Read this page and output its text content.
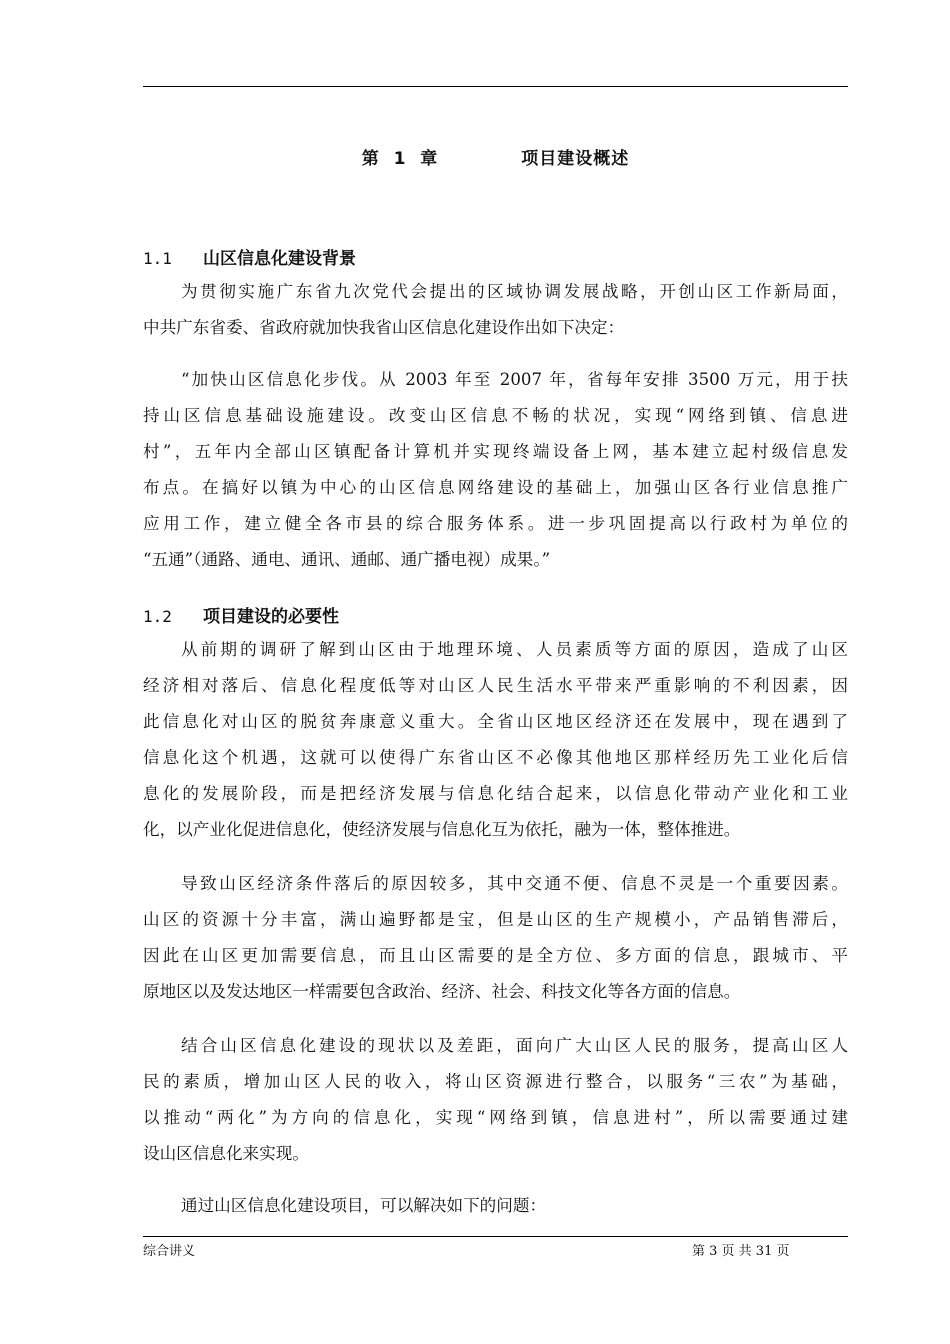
第  1  章            项目建设概述
1.1 山区信息化建设背景
为贯彻实施广东省九次党代会提出的区域协调发展战略，开创山区工作新局面，
中共广东省委、省政府就加快我省山区信息化建设作出如下决定：
“加快山区信息化步伐。从 2003 年至 2007 年，省每年安排 3500 万元，用于扶
持山区信息基础设施建设。改变山区信息不畅的状况，实现“网络到镇、信息进
村”，五年内全部山区镇配备计算机并实现终端设备上网，基本建立起村级信息发
布点。在搞好以镇为中心的山区信息网络建设的基础上，加强山区各行业信息推广
应用工作，建立健全各市县的综合服务体系。进一步巩固提高以行政村为单位的
“五通”（通路、通电、通讯、通邮、通广播电视）成果。”
1.2 项目建设的必要性
从前期的调研了解到山区由于地理环境、人员素质等方面的原因，造成了山区
经济相对落后、信息化程度低等对山区人民生活水平带来严重影响的不利因素，因
此信息化对山区的脱贫奔康意义重大。全省山区地区经济还在发展中，现在遇到了
信息化这个机遇，这就可以使得广东省山区不必像其他地区那样经历先工业化后信
息化的发展阶段，而是把经济发展与信息化结合起来，以信息化带动产业化和工业
化，以产业化促进信息化，使经济发展与信息化互为依托，融为一体，整体推进。
导致山区经济条件落后的原因较多，其中交通不便、信息不灵是一个重要因素。
山区的资源十分丰富，满山遍野都是宝，但是山区的生产规模小，产品销售滞后，
因此在山区更加需要信息，而且山区需要的是全方位、多方面的信息，跟城市、平
原地区以及发达地区一样需要包含政治、经济、社会、科技文化等各方面的信息。
结合山区信息化建设的现状以及差距，面向广大山区人民的服务，提高山区人
民的素质，增加山区人民的收入，将山区资源进行整合，以服务“三农”为基础，
以推动“两化”为方向的信息化，实现“网络到镇，信息进村”，所以需要通过建
设山区信息化来实现。
通过山区信息化建设项目，可以解决如下的问题：
综合讲义	第 3 页 共 31 页
